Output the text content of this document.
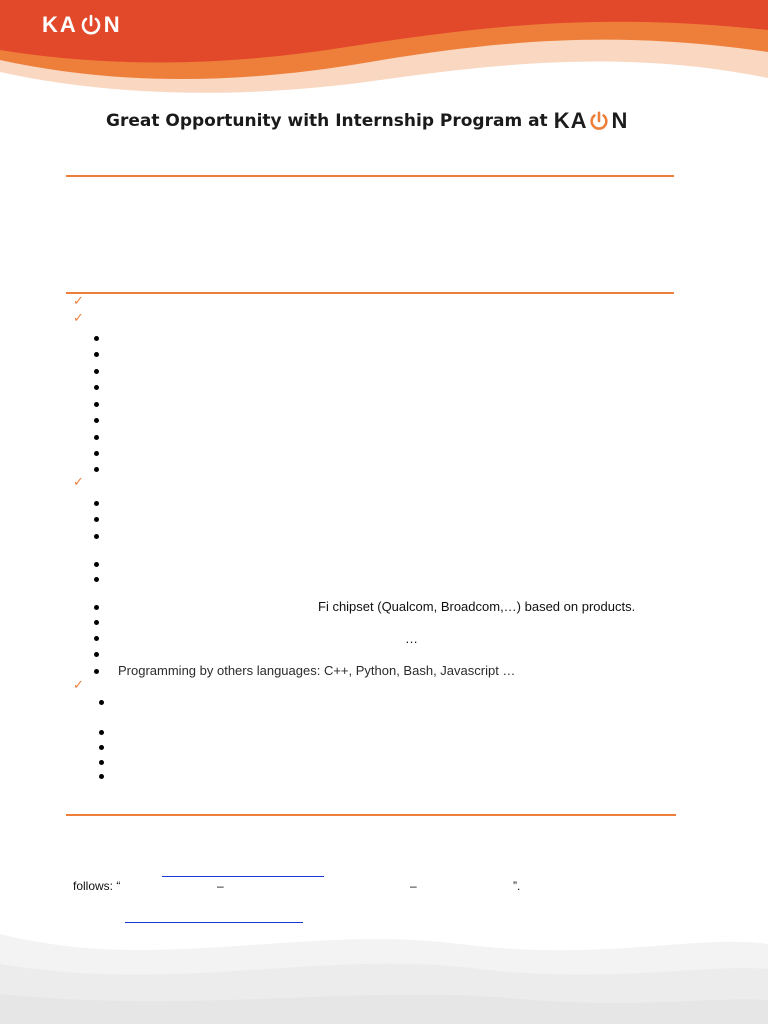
KA N
Great Opportunity with Internship Program at KA N
✓
✓
✓
✓
Fi chipset (Qualcom, Broadcom,…) based on products.
…
Programming by others languages: C++, Python, Bash, Javascript …
follows: “	–	–	”.
